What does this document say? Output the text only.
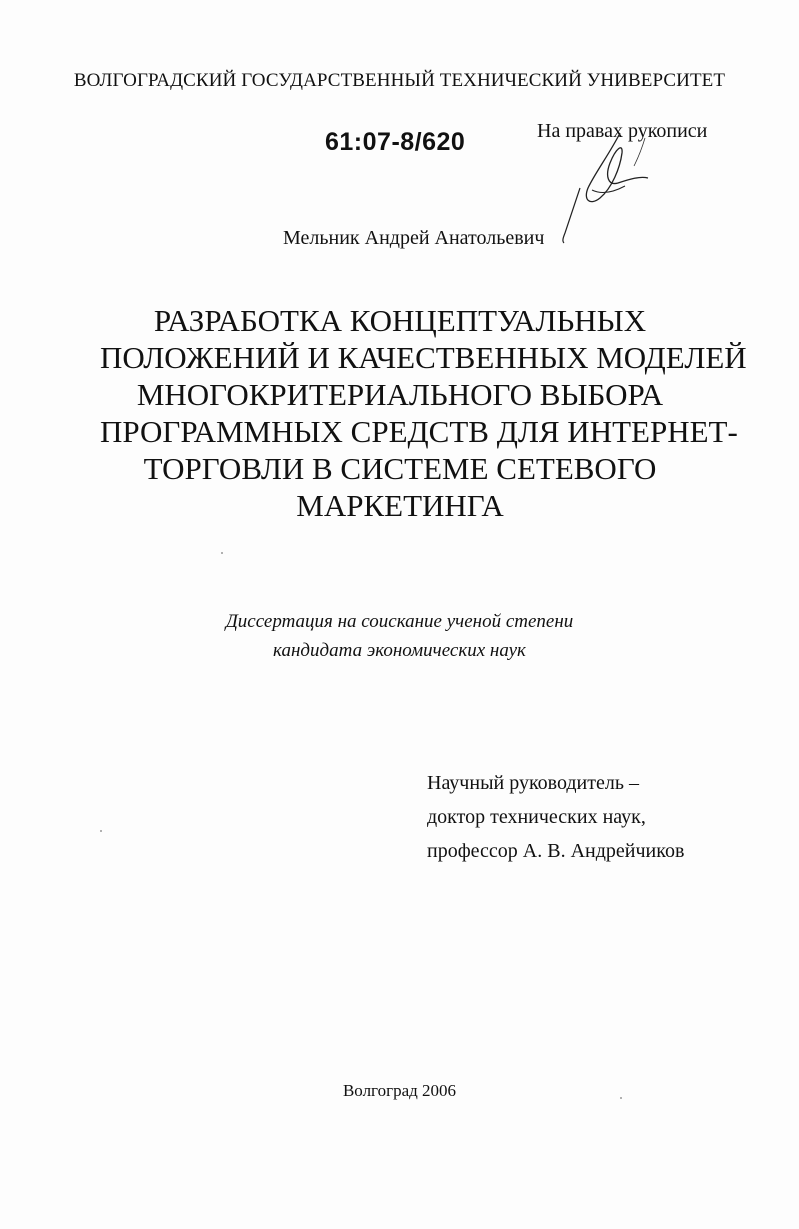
ВОЛГОГРАДСКИЙ ГОСУДАРСТВЕННЫЙ ТЕХНИЧЕСКИЙ УНИВЕРСИТЕТ
61:07-8/620	На правах рукописи
Мельник Андрей Анатольевич
РАЗРАБОТКА КОНЦЕПТУАЛЬНЫХ
ПОЛОЖЕНИЙ И КАЧЕСТВЕННЫХ МОДЕЛЕЙ
МНОГОКРИТЕРИАЛЬНОГО ВЫБОРА
ПРОГРАММНЫХ СРЕДСТВ ДЛЯ ИНТЕРНЕТ-
ТОРГОВЛИ В СИСТЕМЕ СЕТЕВОГО
МАРКЕТИНГА
Диссертация на соискание ученой степени
кандидата экономических наук
Научный руководитель –
доктор технических наук,
профессор А. В. Андрейчиков
Волгоград 2006
